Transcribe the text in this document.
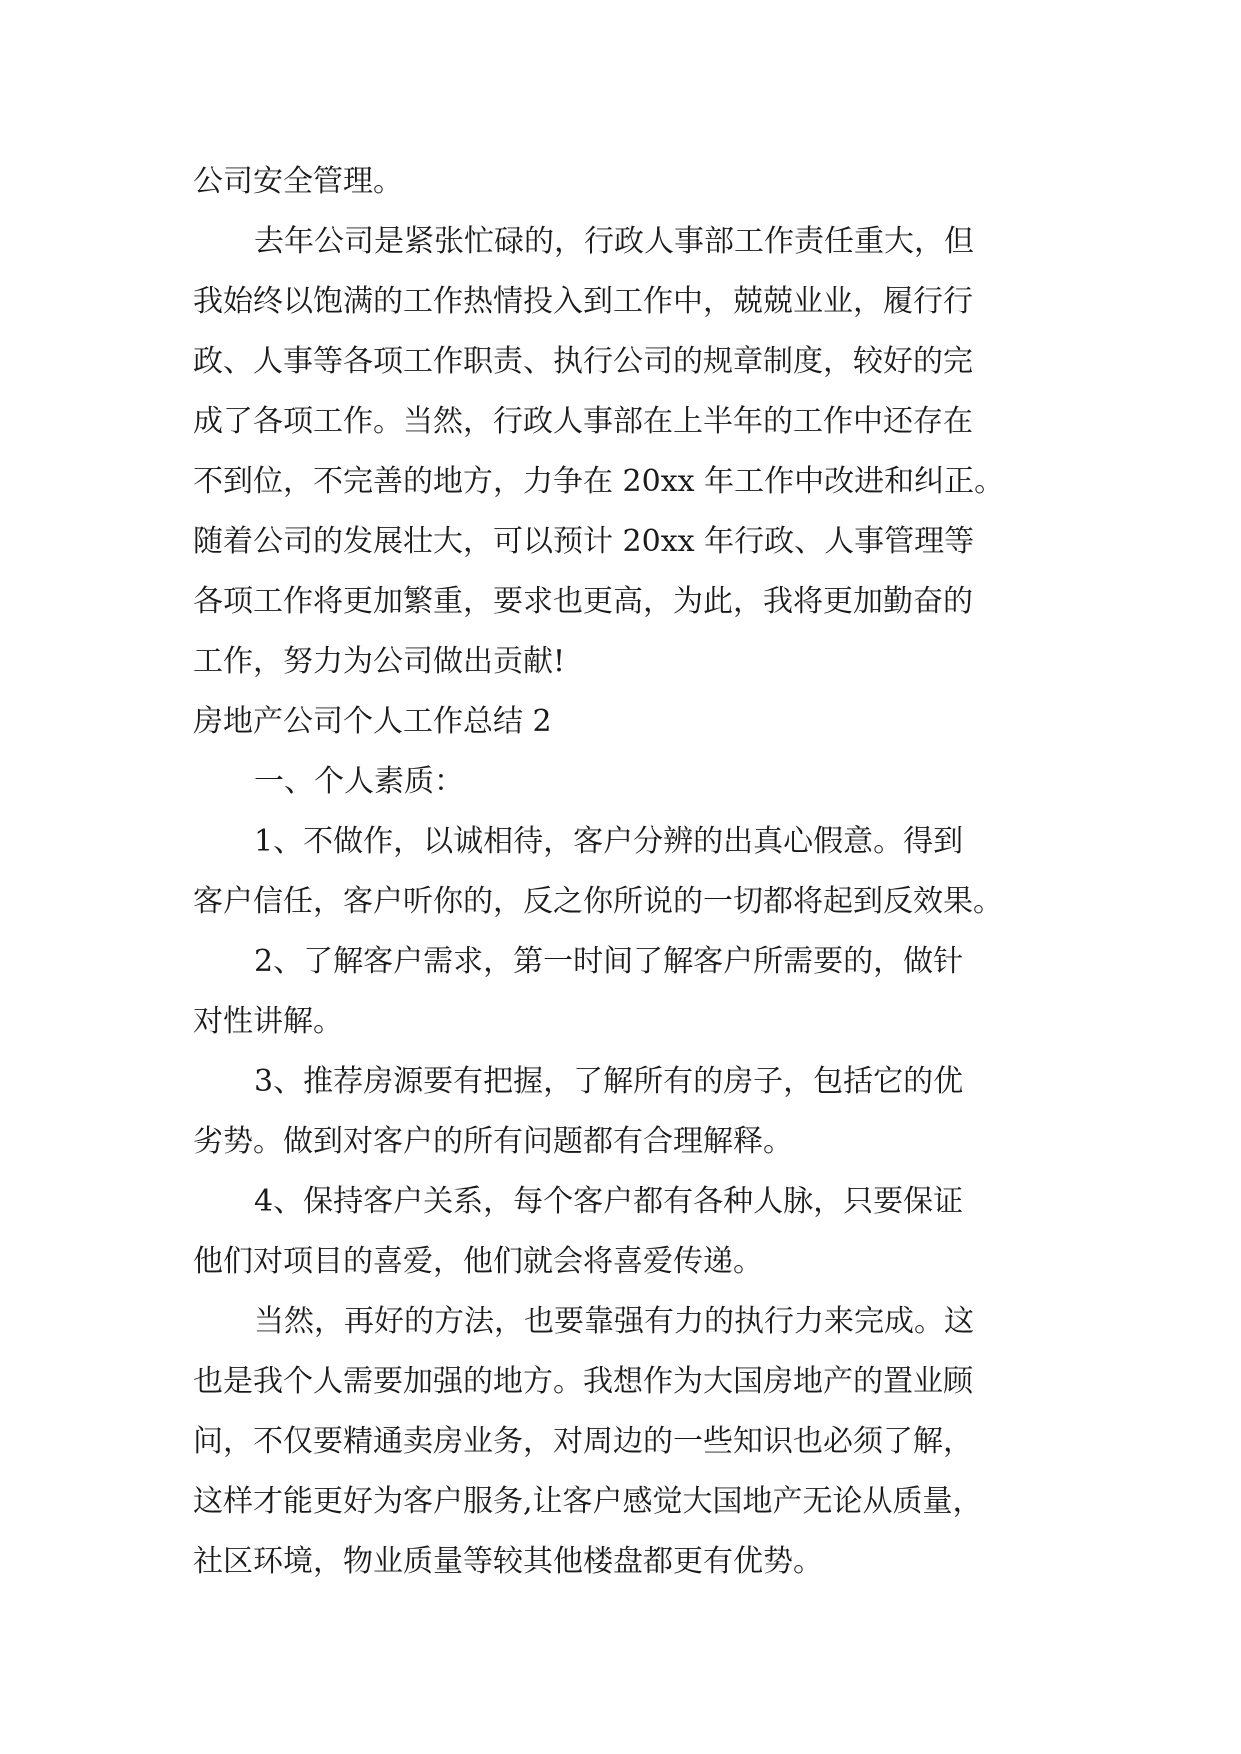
公司安全管理。
去年公司是紧张忙碌的，行政人事部工作责任重大，但
我始终以饱满的工作热情投入到工作中，兢兢业业，履行行
政、人事等各项工作职责、执行公司的规章制度，较好的完
成了各项工作。当然，行政人事部在上半年的工作中还存在
不到位，不完善的地方，力争在 20xx 年工作中改进和纠正。
随着公司的发展壮大，可以预计 20xx 年行政、人事管理等
各项工作将更加繁重，要求也更高，为此，我将更加勤奋的
工作，努力为公司做出贡献!
房地产公司个人工作总结 2
一、个人素质：
1、不做作，以诚相待，客户分辨的出真心假意。得到
客户信任，客户听你的，反之你所说的一切都将起到反效果。
2、了解客户需求，第一时间了解客户所需要的，做针
对性讲解。
3、推荐房源要有把握，了解所有的房子，包括它的优
劣势。做到对客户的所有问题都有合理解释。
4、保持客户关系，每个客户都有各种人脉，只要保证
他们对项目的喜爱，他们就会将喜爱传递。
当然，再好的方法，也要靠强有力的执行力来完成。这
也是我个人需要加强的地方。我想作为大国房地产的置业顾
问，不仅要精通卖房业务，对周边的一些知识也必须了解，
这样才能更好为客户服务,让客户感觉大国地产无论从质量，
社区环境，物业质量等较其他楼盘都更有优势。
